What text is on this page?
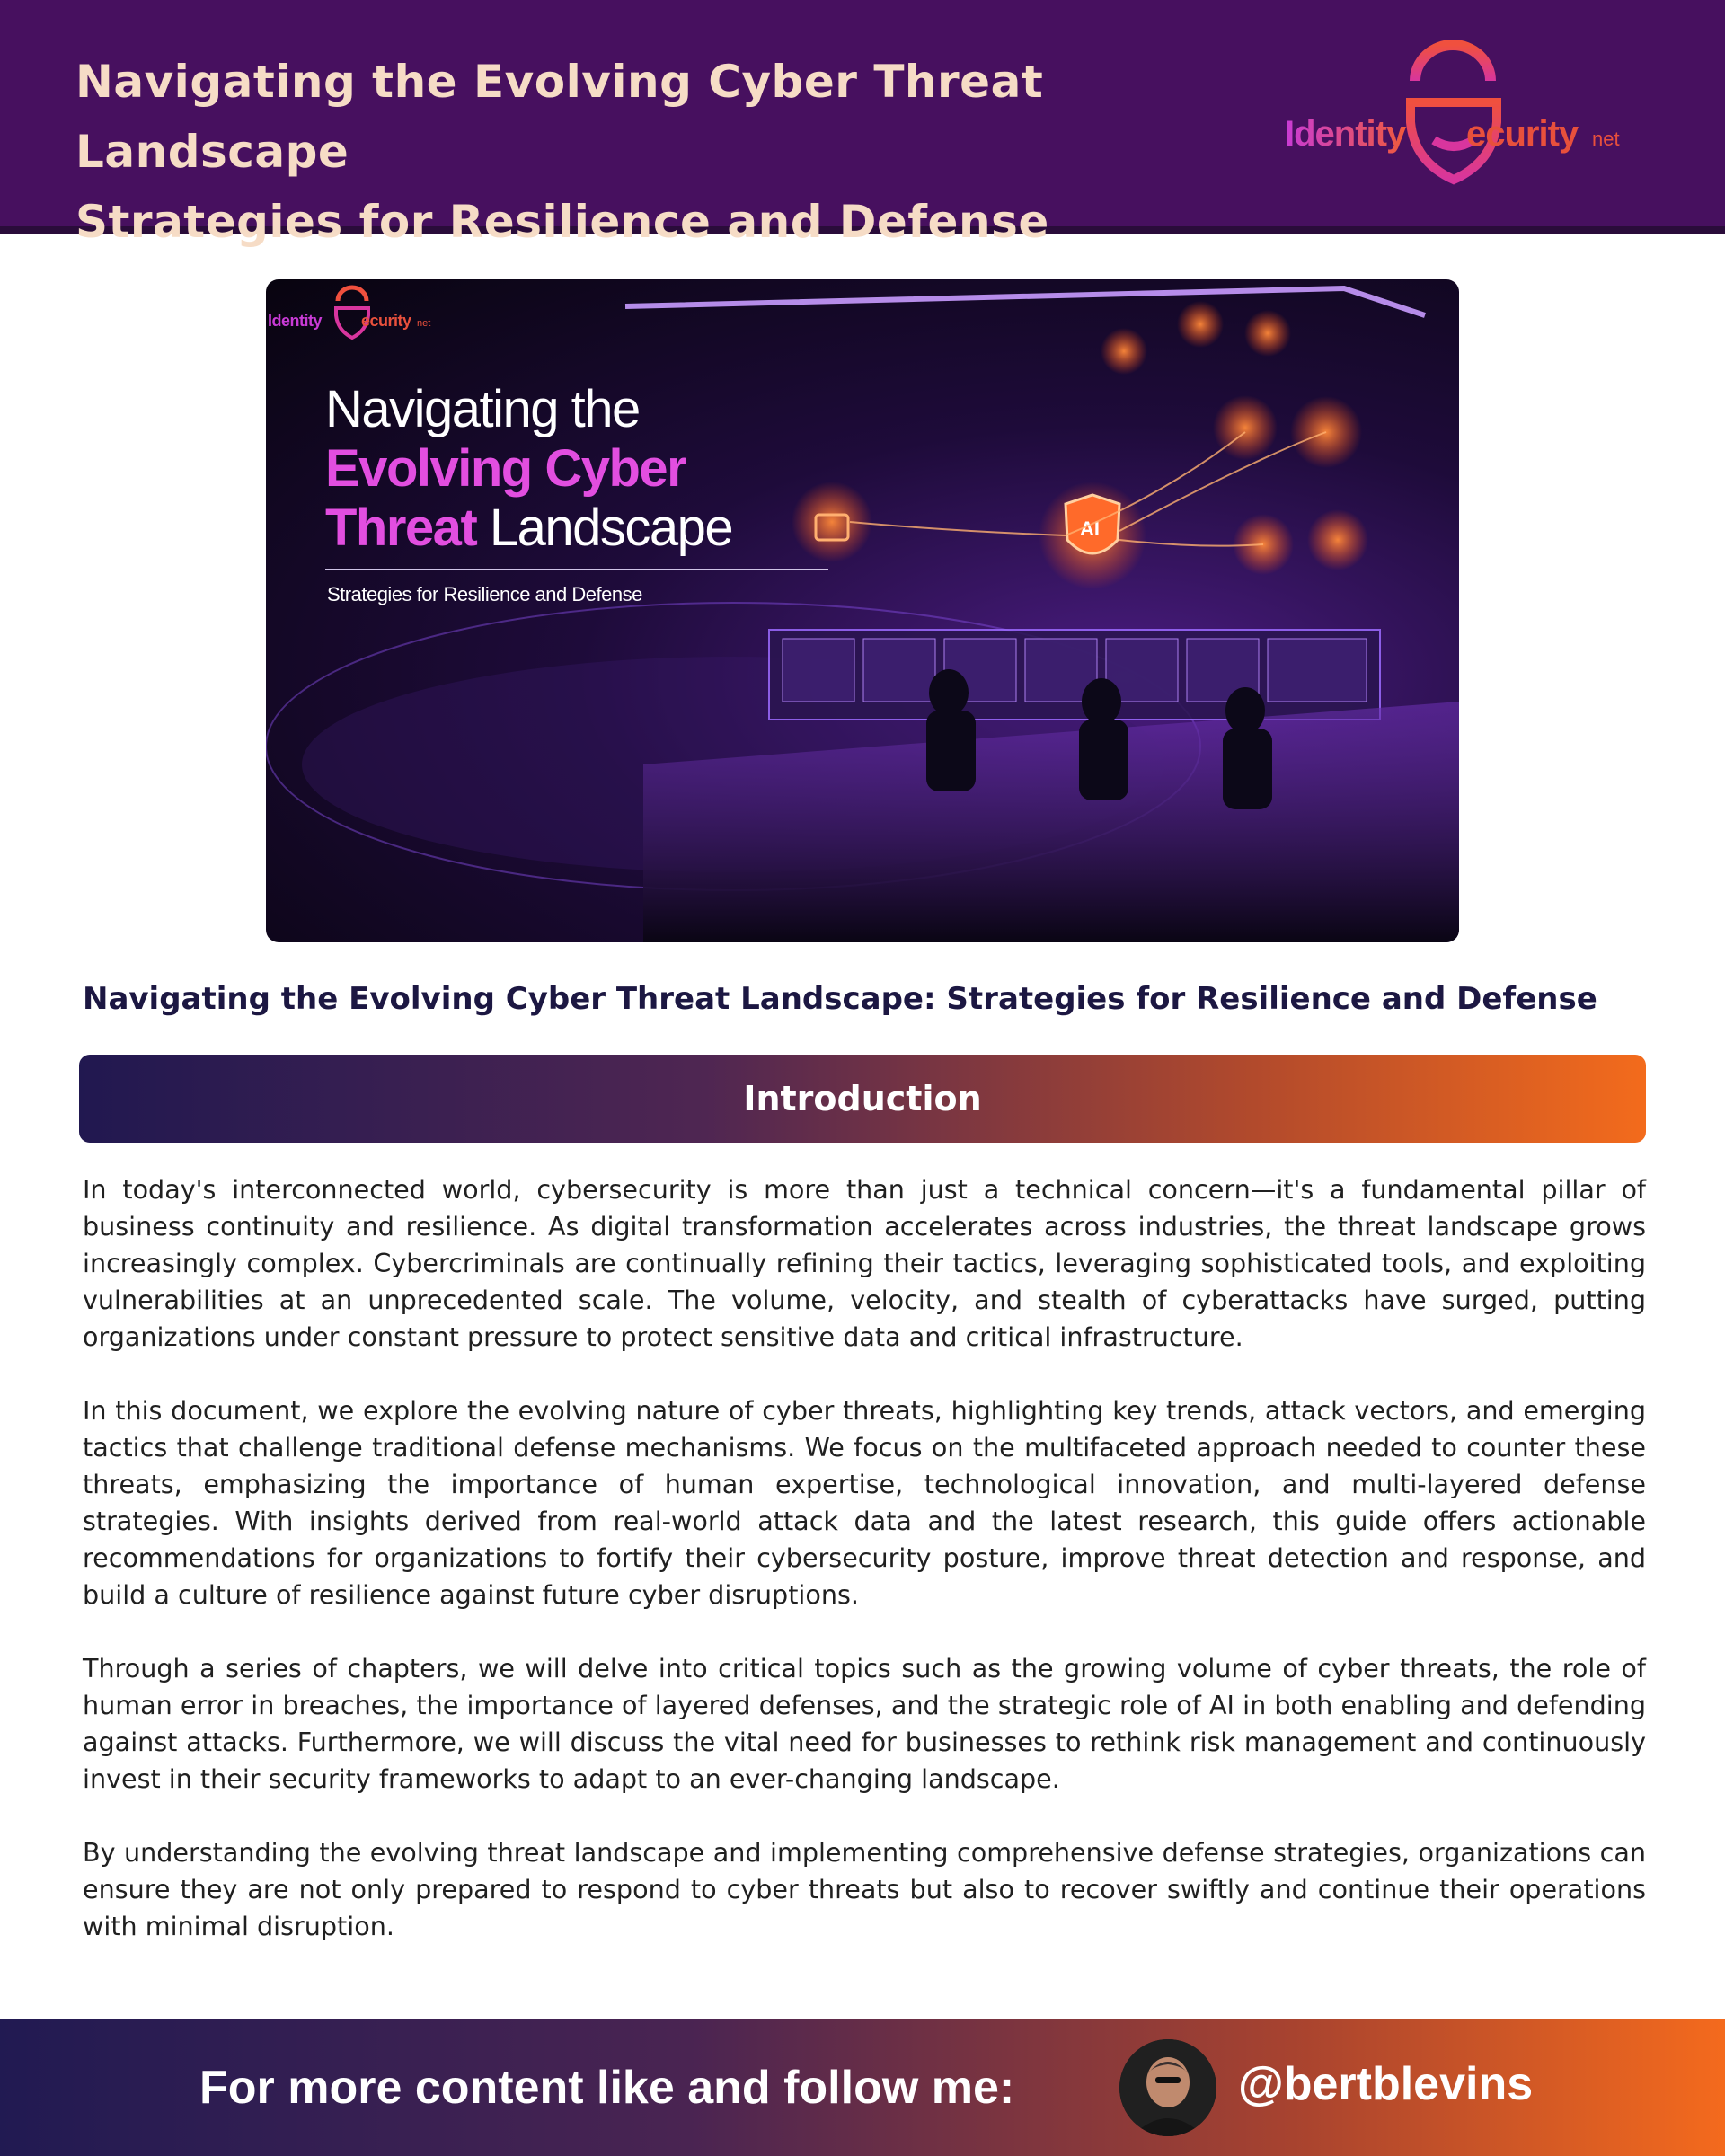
Navigating the Evolving Cyber Threat Landscape
Strategies for Resilience and Defense
Identity ecurity net
AI
Navigating the
Evolving Cyber
Threat Landscape
Strategies for Resilience and Defense
Identity ecurity net
Navigating the Evolving Cyber Threat Landscape: Strategies for Resilience and Defense
Introduction

In today's interconnected world, cybersecurity is more than just a technical concern—it's a fundamental pillar of business continuity and resilience. As digital transformation accelerates across industries, the threat landscape grows increasingly complex. Cybercriminals are continually refining their tactics, leveraging sophisticated tools, and exploiting vulnerabilities at an unprecedented scale. The volume, velocity, and stealth of cyberattacks have surged, putting organizations under constant pressure to protect sensitive data and critical infrastructure.

In this document, we explore the evolving nature of cyber threats, highlighting key trends, attack vectors, and emerging tactics that challenge traditional defense mechanisms. We focus on the multifaceted approach needed to counter these threats, emphasizing the importance of human expertise, technological innovation, and multi-layered defense strategies. With insights derived from real-world attack data and the latest research, this guide offers actionable recommendations for organizations to fortify their cybersecurity posture, improve threat detection and response, and build a culture of resilience against future cyber disruptions.

Through a series of chapters, we will delve into critical topics such as the growing volume of cyber threats, the role of human error in breaches, the importance of layered defenses, and the strategic role of AI in both enabling and defending against attacks. Furthermore, we will discuss the vital need for businesses to rethink risk management and continuously invest in their security frameworks to adapt to an ever-changing landscape.

By understanding the evolving threat landscape and implementing comprehensive defense strategies, organizations can ensure they are not only prepared to respond to cyber threats but also to recover swiftly and continue their operations with minimal disruption.

For more content like and follow me:	@bertblevins
